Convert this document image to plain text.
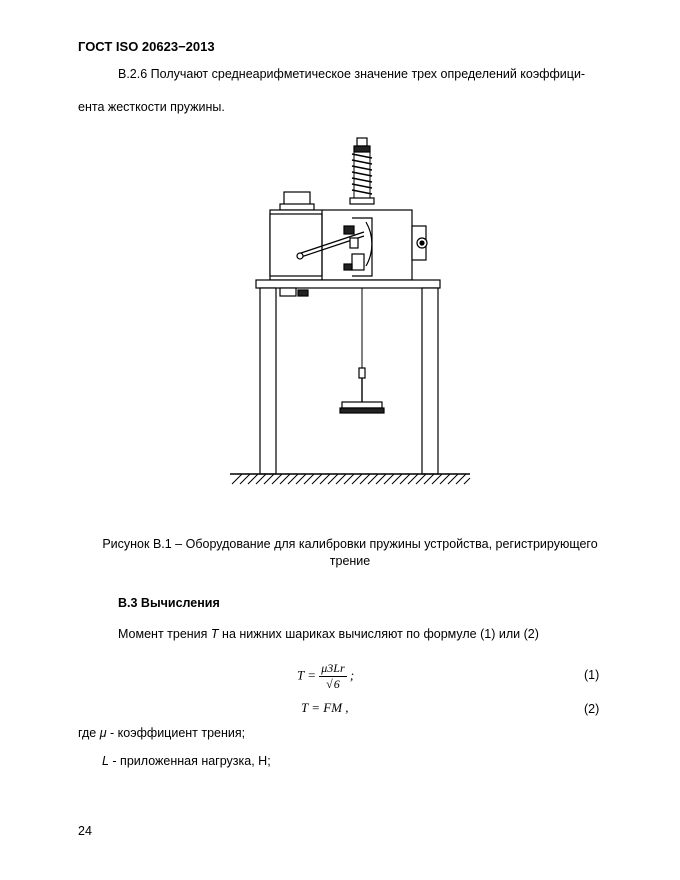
ГОСТ ISO 20623−2013
В.2.6 Получают среднеарифметическое значение трех определений коэффици-
ента жесткости пружины.
Рисунок В.1 – Оборудование для калибровки пружины устройства, регистрирующего
трение
В.3 Вычисления
Момент трения T на нижних шариках вычисляют по формуле (1) или (2)
$T = \frac{\mu 3Lr}{√6}$ ;	(1)
T = FM ,	(2)
где μ - коэффициент трения;
L - приложенная нагрузка, Н;
24
